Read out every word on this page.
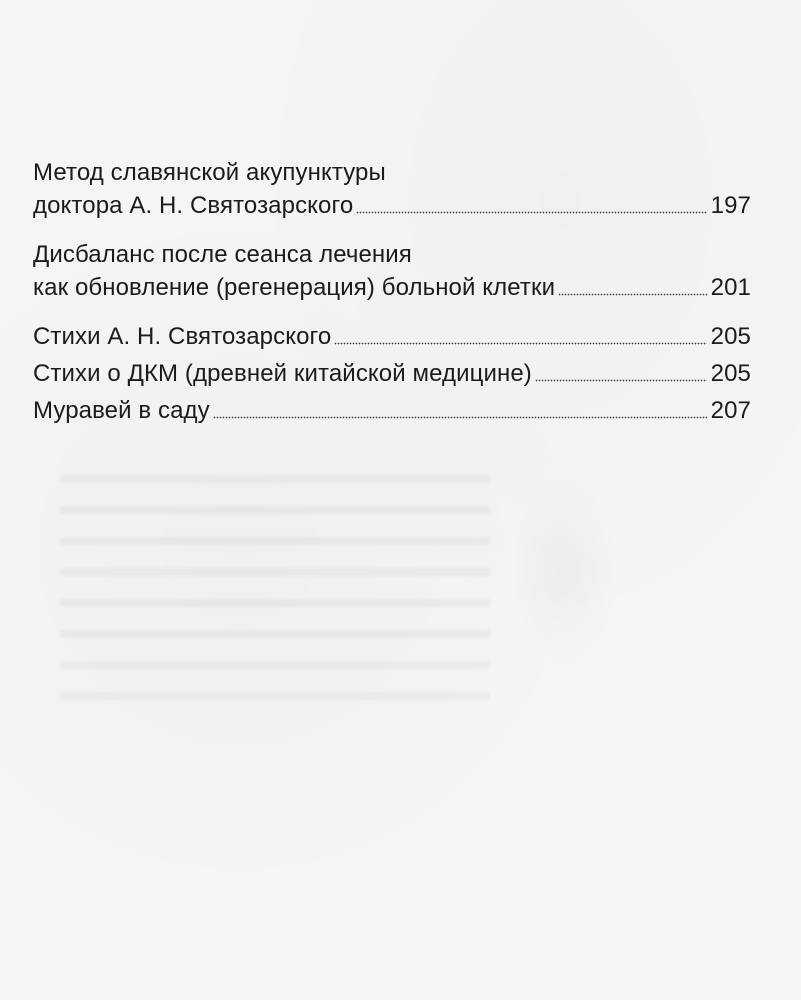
Метод славянской акупунктуры
доктора А. Н. Святозарского	197
Дисбаланс после сеанса лечения
как обновление (регенерация) больной клетки	201
Стихи А. Н. Святозарского	205
Стихи о ДКМ (древней китайской медицине)	205
Муравей в саду	207
